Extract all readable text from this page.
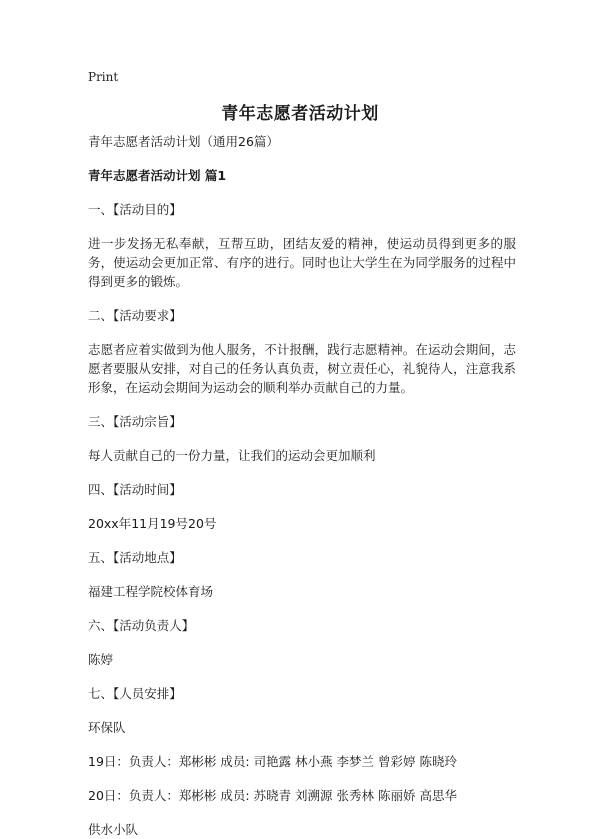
Print
青年志愿者活动计划

青年志愿者活动计划（通用26篇）

青年志愿者活动计划 篇1

一、【活动目的】

进一步发扬无私奉献，互帮互助，团结友爱的精神，使运动员得到更多的服务，使运动会更加正常、有序的进行。同时也让大学生在为同学服务的过程中得到更多的锻炼。

二、【活动要求】

志愿者应着实做到为他人服务，不计报酬，践行志愿精神。在运动会期间，志愿者要服从安排，对自己的任务认真负责，树立责任心，礼貌待人，注意我系形象，在运动会期间为运动会的顺利举办贡献自己的力量。

三、【活动宗旨】

每人贡献自己的一份力量，让我们的运动会更加顺利

四、【活动时间】

20xx年11月19号20号

五、【活动地点】

福建工程学院校体育场

六、【活动负责人】

陈婷

七、【人员安排】

环保队

19日：负责人：郑彬彬 成员: 司艳露 林小燕 李梦兰 曾彩婷 陈晓玲

20日：负责人：郑彬彬 成员: 苏晓青 刘溯源 张秀林 陈丽娇 高思华

供水小队
